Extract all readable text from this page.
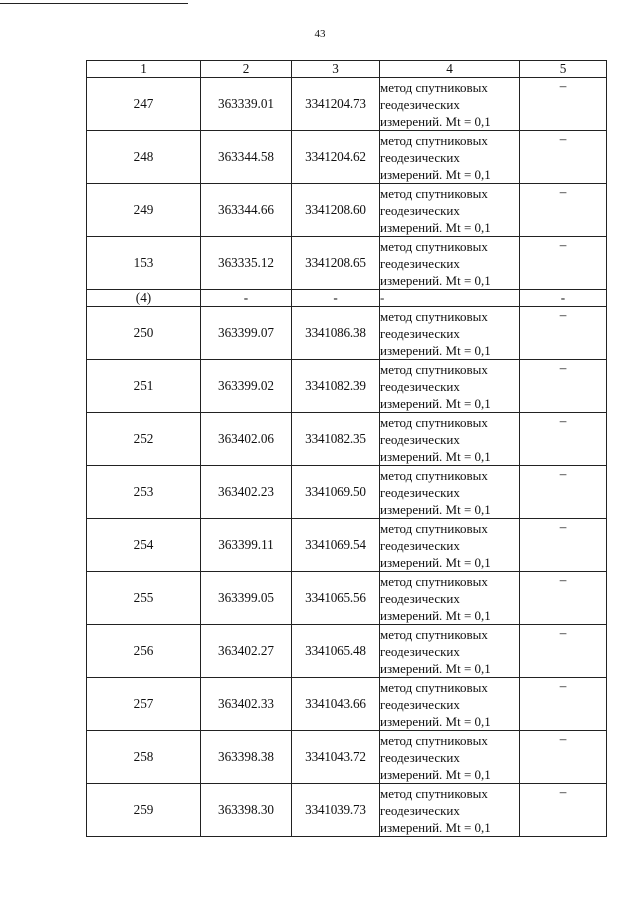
43
1	2	3	4	5
247	363339.01	3341204.73	метод спутниковых
геодезических
измерений. Mt = 0,1	–
248	363344.58	3341204.62	метод спутниковых
геодезических
измерений. Mt = 0,1	–
249	363344.66	3341208.60	метод спутниковых
геодезических
измерений. Mt = 0,1	–
153	363335.12	3341208.65	метод спутниковых
геодезических
измерений. Mt = 0,1	–
(4)	-	-	-	-
250	363399.07	3341086.38	метод спутниковых
геодезических
измерений. Mt = 0,1	–
251	363399.02	3341082.39	метод спутниковых
геодезических
измерений. Mt = 0,1	–
252	363402.06	3341082.35	метод спутниковых
геодезических
измерений. Mt = 0,1	–
253	363402.23	3341069.50	метод спутниковых
геодезических
измерений. Mt = 0,1	–
254	363399.11	3341069.54	метод спутниковых
геодезических
измерений. Mt = 0,1	–
255	363399.05	3341065.56	метод спутниковых
геодезических
измерений. Mt = 0,1	–
256	363402.27	3341065.48	метод спутниковых
геодезических
измерений. Mt = 0,1	–
257	363402.33	3341043.66	метод спутниковых
геодезических
измерений. Mt = 0,1	–
258	363398.38	3341043.72	метод спутниковых
геодезических
измерений. Mt = 0,1	–
259	363398.30	3341039.73	метод спутниковых
геодезических
измерений. Mt = 0,1	–
